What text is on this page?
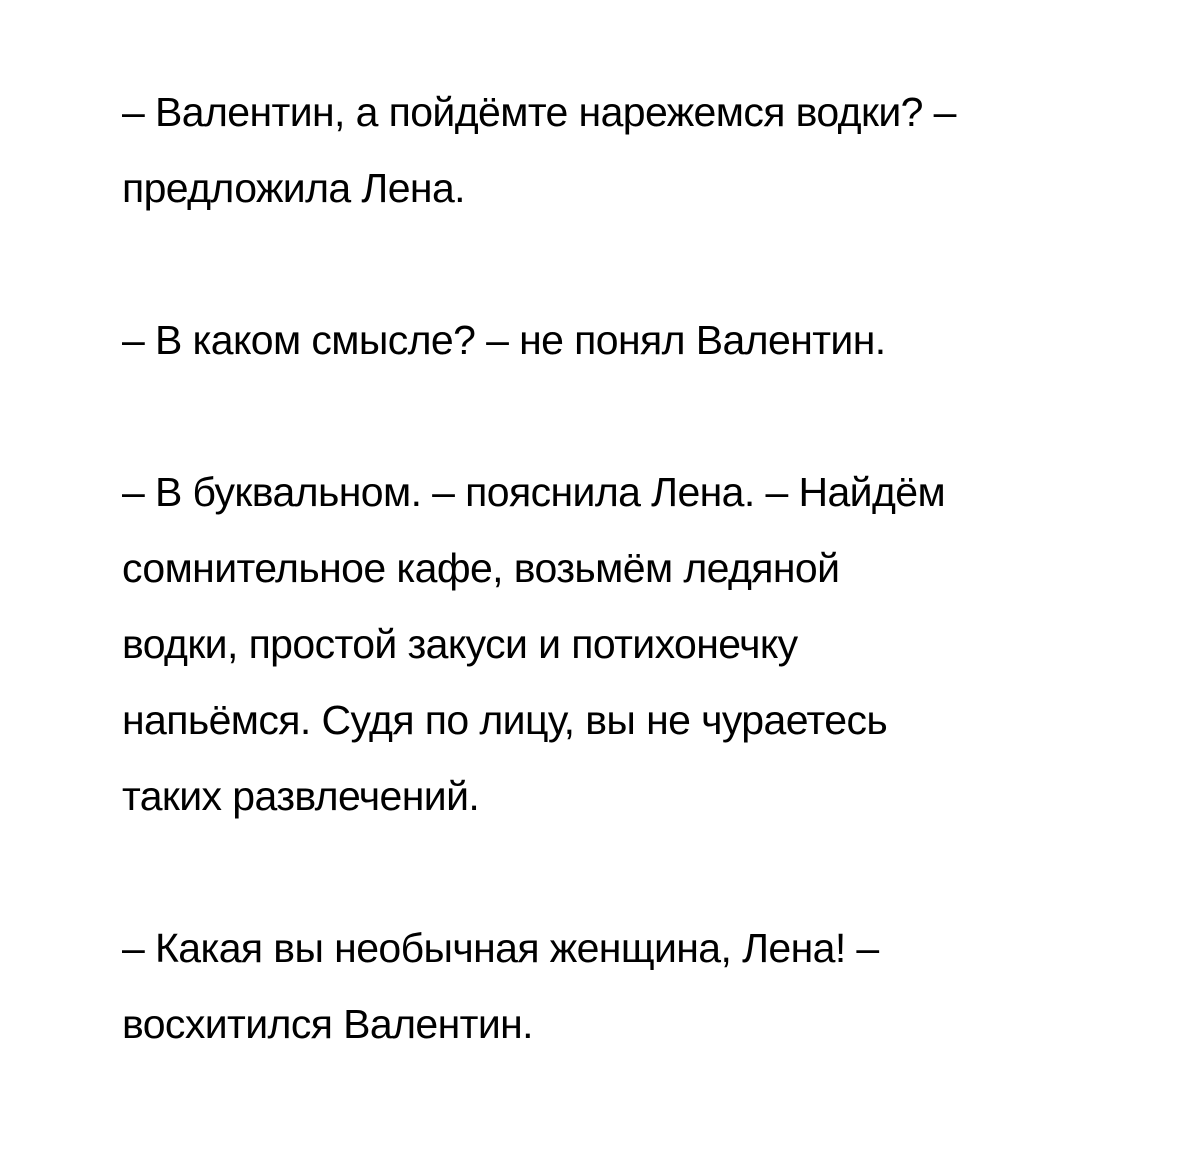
– Валентин, а пойдёмте нарежемся водки? –
предложила Лена.

– В каком смысле? – не понял Валентин.

– В буквальном. – пояснила Лена. – Найдём
сомнительное кафе, возьмём ледяной
водки, простой закуси и потихонечку
напьёмся. Судя по лицу, вы не чураетесь
таких развлечений.

– Какая вы необычная женщина, Лена! –
восхитился Валентин.
